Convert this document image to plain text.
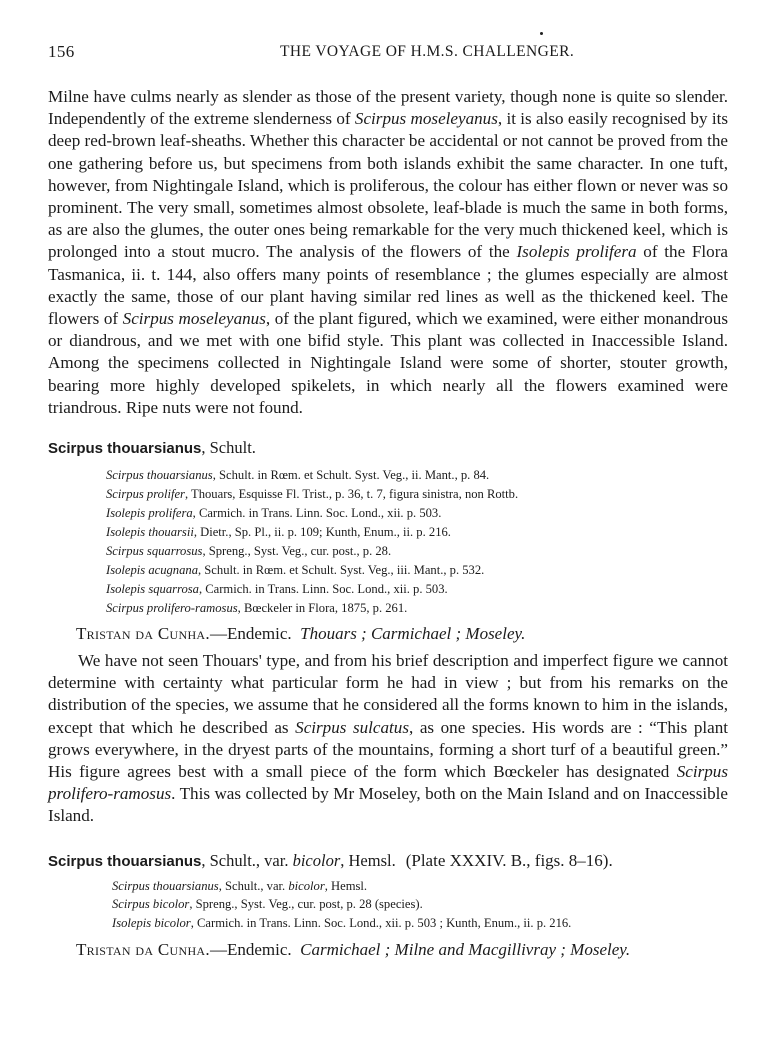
156	THE VOYAGE OF H.M.S. CHALLENGER.

Milne have culms nearly as slender as those of the present variety, though none is quite so slender. Independently of the extreme slenderness of Scirpus moseleyanus, it is also easily recognised by its deep red-brown leaf-sheaths. Whether this character be accidental or not cannot be proved from the one gathering before us, but specimens from both islands exhibit the same character. In one tuft, however, from Nightingale Island, which is proliferous, the colour has either flown or never was so prominent. The very small, sometimes almost obsolete, leaf-blade is much the same in both forms, as are also the glumes, the outer ones being remarkable for the very much thickened keel, which is prolonged into a stout mucro. The analysis of the flowers of the Isolepis prolifera of the Flora Tasmanica, ii. t. 144, also offers many points of resemblance ; the glumes especially are almost exactly the same, those of our plant having similar red lines as well as the thickened keel. The flowers of Scirpus moseleyanus, of the plant figured, which we examined, were either monandrous or diandrous, and we met with one bifid style. This plant was collected in Inaccessible Island. Among the specimens collected in Nightingale Island were some of shorter, stouter growth, bearing more highly developed spikelets, in which nearly all the flowers examined were triandrous. Ripe nuts were not found.

Scirpus thouarsianus, Schult.
Scirpus thouarsianus, Schult. in Rœm. et Schult. Syst. Veg., ii. Mant., p. 84.
Scirpus prolifer, Thouars, Esquisse Fl. Trist., p. 36, t. 7, figura sinistra, non Rottb.
Isolepis prolifera, Carmich. in Trans. Linn. Soc. Lond., xii. p. 503.
Isolepis thouarsii, Dietr., Sp. Pl., ii. p. 109; Kunth, Enum., ii. p. 216.
Scirpus squarrosus, Spreng., Syst. Veg., cur. post., p. 28.
Isolepis acugnana, Schult. in Rœm. et Schult. Syst. Veg., iii. Mant., p. 532.
Isolepis squarrosa, Carmich. in Trans. Linn. Soc. Lond., xii. p. 503.
Scirpus prolifero-ramosus, Bœckeler in Flora, 1875, p. 261.
Tristan da Cunha.—Endemic. Thouars ; Carmichael ; Moseley.

We have not seen Thouars' type, and from his brief description and imperfect figure we cannot determine with certainty what particular form he had in view ; but from his remarks on the distribution of the species, we assume that he considered all the forms known to him in the islands, except that which he described as Scirpus sulcatus, as one species. His words are : “This plant grows everywhere, in the dryest parts of the mountains, forming a short turf of a beautiful green.” His figure agrees best with a small piece of the form which Bœckeler has designated Scirpus prolifero-ramosus. This was collected by Mr Moseley, both on the Main Island and on Inaccessible Island.

Scirpus thouarsianus, Schult., var. bicolor, Hemsl. (Plate XXXIV. B., figs. 8–16).
Scirpus thouarsianus, Schult., var. bicolor, Hemsl.
Scirpus bicolor, Spreng., Syst. Veg., cur. post, p. 28 (species).
Isolepis bicolor, Carmich. in Trans. Linn. Soc. Lond., xii. p. 503 ; Kunth, Enum., ii. p. 216.
Tristan da Cunha.—Endemic. Carmichael ; Milne and Macgillivray ; Moseley.
